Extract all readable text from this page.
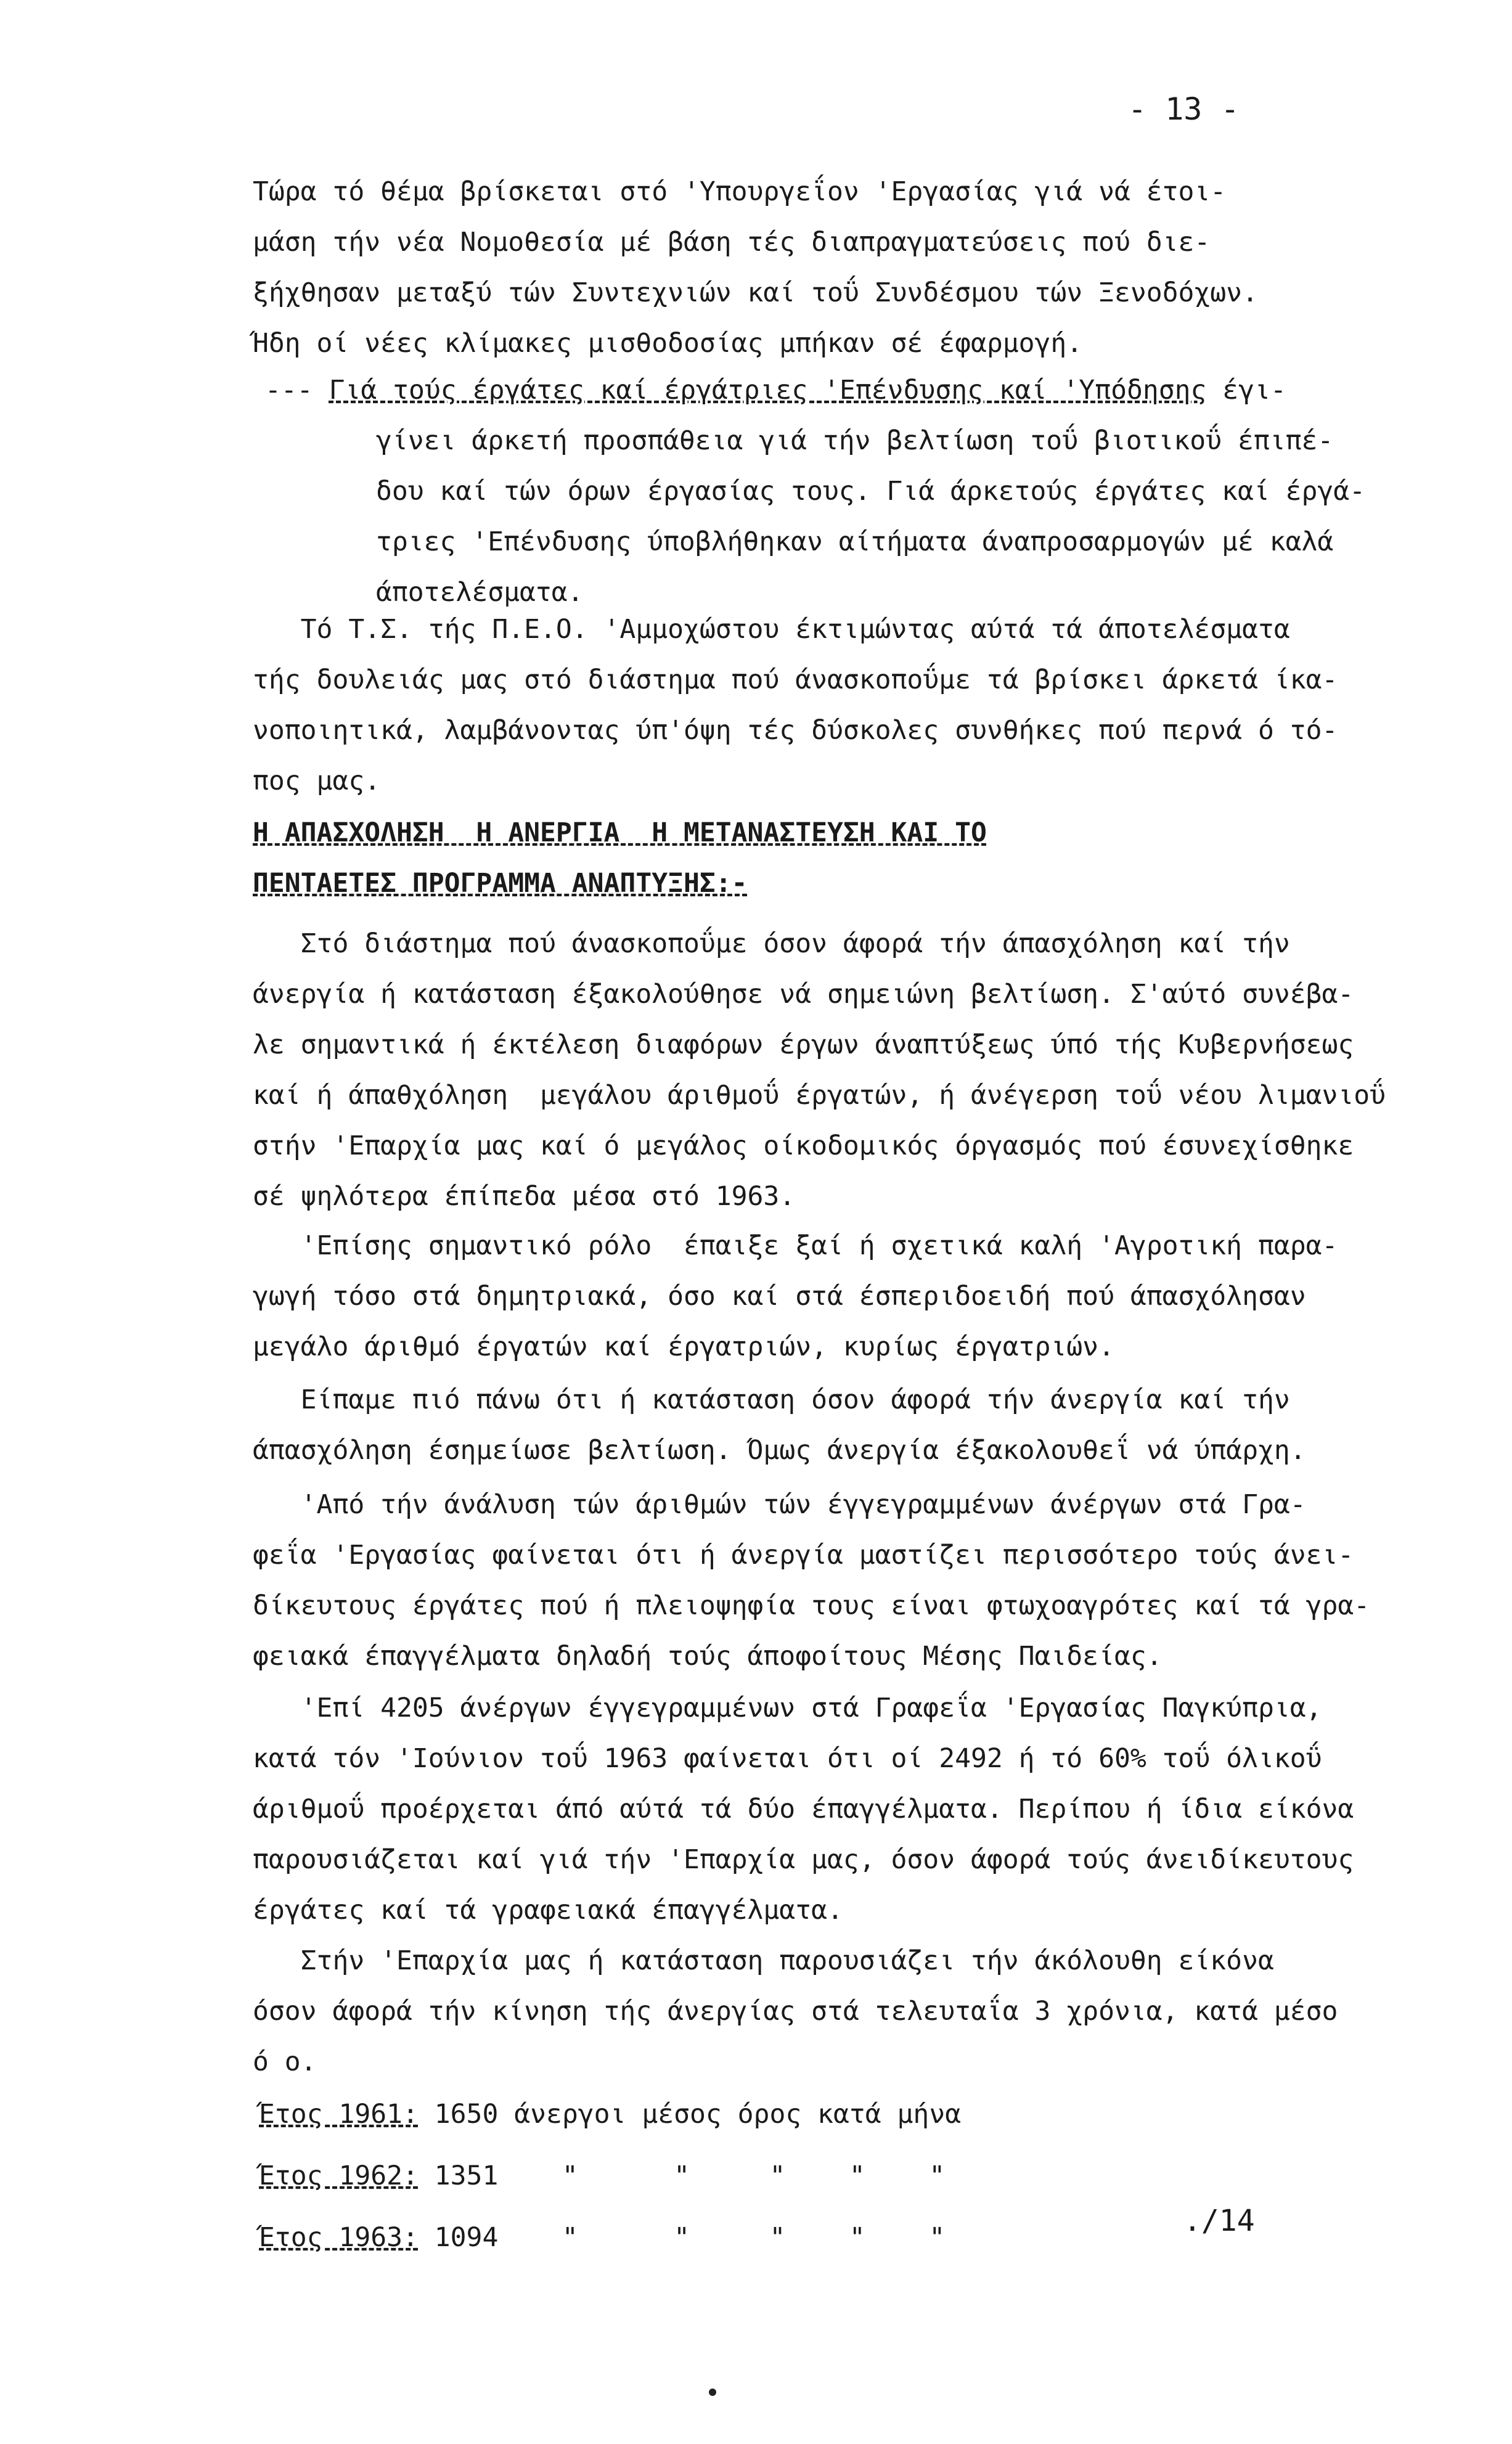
- 13 -
Τώρα τό θέμα βρίσκεται στό 'Υπουργεΐον 'Εργασίας γιά νά έτοι-
μάση τήν νέα Νομοθεσία μέ βάση τές διαπραγματεύσεις πού διε-
ξήχθησαν μεταξύ τών Συντεχνιών καί τοΰ Συνδέσμου τών Ξενοδόχων.
Ήδη οί νέες κλίμακες μισθοδοσίας μπήκαν σέ έφαρμογή.
--- Γιά τούς έργάτες καί έργάτριες 'Επένδυσης καί 'Υπόδησης έγι-
γίνει άρκετή προσπάθεια γιά τήν βελτίωση τοΰ βιοτικοΰ έπιπέ-
δου καί τών όρων έργασίας τους. Γιά άρκετούς έργάτες καί έργά-
τριες 'Επένδυσης ύποβλήθηκαν αίτήματα άναπροσαρμογών μέ καλά
άποτελέσματα.
Τό Τ.Σ. τής Π.Ε.Ο. 'Αμμοχώστου έκτιμώντας αύτά τά άποτελέσματα
τής δουλειάς μας στό διάστημα πού άνασκοποΰμε τά βρίσκει άρκετά ίκα-
νοποιητικά, λαμβάνοντας ύπ'όψη τές δύσκολες συνθήκες πού περνά ό τό-
πος μας.
Η ΑΠΑΣΧΟΛΗΣΗ  Η ΑΝΕΡΓΙΑ  Η ΜΕΤΑΝΑΣΤΕΥΣΗ ΚΑΙ ΤΟ
ΠΕΝΤΑΕΤΕΣ ΠΡΟΓΡΑΜΜΑ ΑΝΑΠΤΥΞΗΣ:-
Στό διάστημα πού άνασκοποΰμε όσον άφορά τήν άπασχόληση καί τήν
άνεργία ή κατάσταση έξακολούθησε νά σημειώνη βελτίωση. Σ'αύτό συνέβα-
λε σημαντικά ή έκτέλεση διαφόρων έργων άναπτύξεως ύπό τής Κυβερνήσεως
καί ή άπαθχόληση  μεγάλου άριθμοΰ έργατών, ή άνέγερση τοΰ νέου λιμανιοΰ
στήν 'Επαρχία μας καί ό μεγάλος οίκοδομικός όργασμός πού έσυνεχίσθηκε
σέ ψηλότερα έπίπεδα μέσα στό 1963.
'Επίσης σημαντικό ρόλο  έπαιξε ξαί ή σχετικά καλή 'Αγροτική παρα-
γωγή τόσο στά δημητριακά, όσο καί στά έσπεριδοειδή πού άπασχόλησαν
μεγάλο άριθμό έργατών καί έργατριών, κυρίως έργατριών.
Είπαμε πιό πάνω ότι ή κατάσταση όσον άφορά τήν άνεργία καί τήν
άπασχόληση έσημείωσε βελτίωση. Όμως άνεργία έξακολουθεΐ νά ύπάρχη.
'Από τήν άνάλυση τών άριθμών τών έγγεγραμμένων άνέργων στά Γρα-
φεΐα 'Εργασίας φαίνεται ότι ή άνεργία μαστίζει περισσότερο τούς άνει-
δίκευτους έργάτες πού ή πλειοψηφία τους είναι φτωχοαγρότες καί τά γρα-
φειακά έπαγγέλματα δηλαδή τούς άποφοίτους Μέσης Παιδείας.
'Επί 4205 άνέργων έγγεγραμμένων στά Γραφεΐα 'Εργασίας Παγκύπρια,
κατά τόν 'Ιούνιον τοΰ 1963 φαίνεται ότι οί 2492 ή τό 60% τοΰ όλικοΰ
άριθμοΰ προέρχεται άπό αύτά τά δύο έπαγγέλματα. Περίπου ή ίδια είκόνα
παρουσιάζεται καί γιά τήν 'Επαρχία μας, όσον άφορά τούς άνειδίκευτους
έργάτες καί τά γραφειακά έπαγγέλματα.
Στήν 'Επαρχία μας ή κατάσταση παρουσιάζει τήν άκόλουθη είκόνα
όσον άφορά τήν κίνηση τής άνεργίας στά τελευταΐα 3 χρόνια, κατά μέσο
ό ο.
Έτος 1961: 1650 άνεργοι μέσος όρος κατά μήνα
Έτος 1962: 1351    "      "     "    "    "
Έτος 1963: 1094    "      "     "    "    "	./14
